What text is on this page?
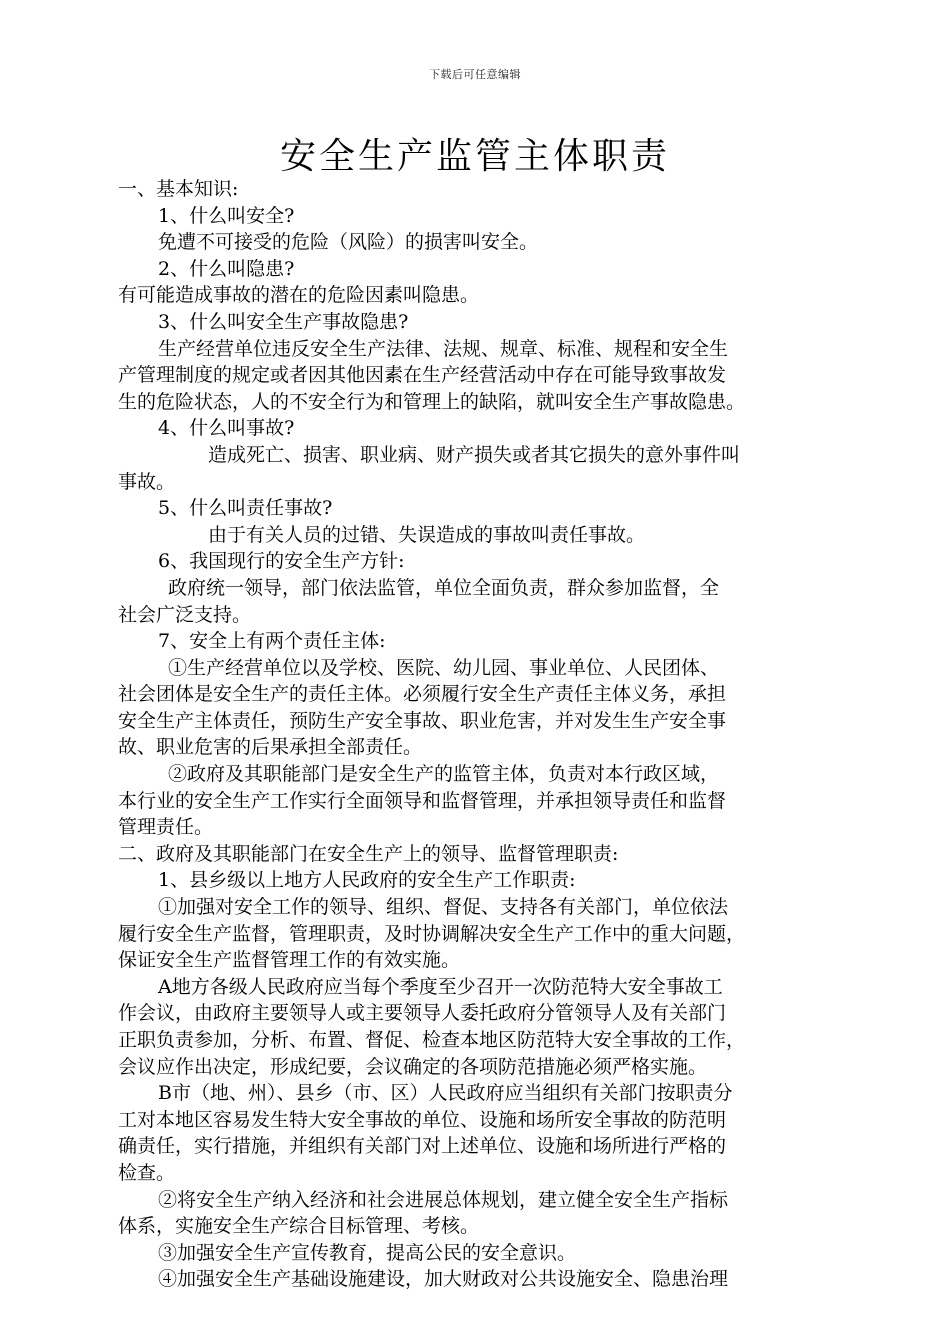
下载后可任意编辑
安全生产监管主体职责
一、基本知识:
1、什么叫安全?
免遭不可接受的危险（风险）的损害叫安全。
2、什么叫隐患?
有可能造成事故的潜在的危险因素叫隐患。
3、什么叫安全生产事故隐患?
生产经营单位违反安全生产法律、法规、规章、标准、规程和安全生
产管理制度的规定或者因其他因素在生产经营活动中存在可能导致事故发
生的危险状态，人的不安全行为和管理上的缺陷，就叫安全生产事故隐患。
4、什么叫事故?
造成死亡、损害、职业病、财产损失或者其它损失的意外事件叫
事故。
5、什么叫责任事故?
由于有关人员的过错、失误造成的事故叫责任事故。
6、我国现行的安全生产方针:
政府统一领导，部门依法监管，单位全面负责，群众参加监督，全
社会广泛支持。
7、安全上有两个责任主体:
①生产经营单位以及学校、医院、幼儿园、事业单位、人民团体、
社会团体是安全生产的责任主体。必须履行安全生产责任主体义务，承担
安全生产主体责任，预防生产安全事故、职业危害，并对发生生产安全事
故、职业危害的后果承担全部责任。
②政府及其职能部门是安全生产的监管主体，负责对本行政区域，
本行业的安全生产工作实行全面领导和监督管理，并承担领导责任和监督
管理责任。
二、政府及其职能部门在安全生产上的领导、监督管理职责:
1、县乡级以上地方人民政府的安全生产工作职责:
①加强对安全工作的领导、组织、督促、支持各有关部门，单位依法
履行安全生产监督，管理职责，及时协调解决安全生产工作中的重大问题，
保证安全生产监督管理工作的有效实施。
A地方各级人民政府应当每个季度至少召开一次防范特大安全事故工
作会议，由政府主要领导人或主要领导人委托政府分管领导人及有关部门
正职负责参加，分析、布置、督促、检查本地区防范特大安全事故的工作，
会议应作出决定，形成纪要，会议确定的各项防范措施必须严格实施。
B市（地、州）、县乡（市、区）人民政府应当组织有关部门按职责分
工对本地区容易发生特大安全事故的单位、设施和场所安全事故的防范明
确责任，实行措施，并组织有关部门对上述单位、设施和场所进行严格的
检查。
②将安全生产纳入经济和社会进展总体规划，建立健全安全生产指标
体系，实施安全生产综合目标管理、考核。
③加强安全生产宣传教育，提高公民的安全意识。
④加强安全生产基础设施建设，加大财政对公共设施安全、隐患治理
